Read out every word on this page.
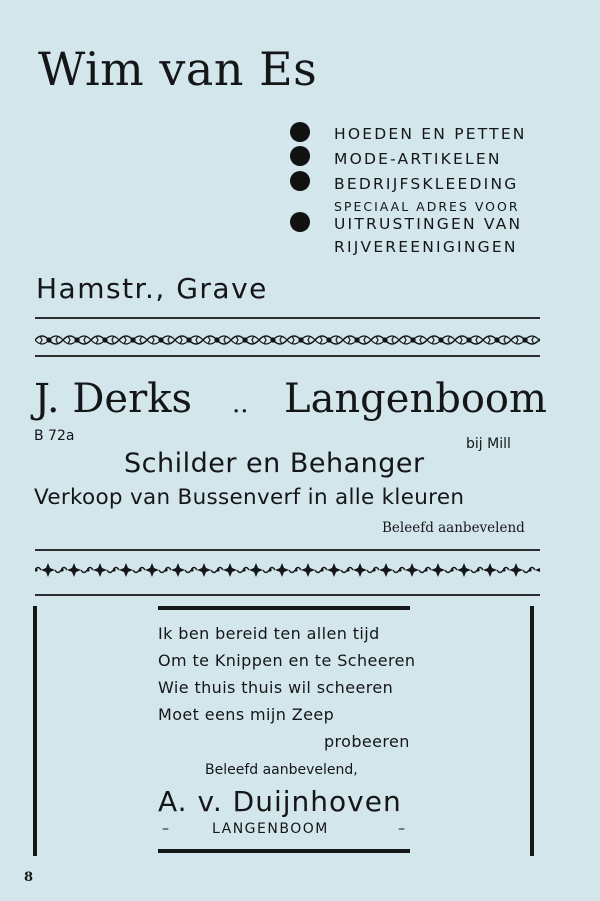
Wim van Es
HOEDEN EN PETTEN
MODE-ARTIKELEN
BEDRIJFSKLEEDING
SPECIAAL ADRES VOOR
UITRUSTINGEN VAN
RIJVEREENIGINGEN
Hamstr., Grave
J. Derks .. Langenboom
B 72a	bij Mill
Schilder en Behanger
Verkoop van Bussenverf in alle kleuren
Beleefd aanbevelend
Ik ben bereid ten allen tijd
Om te Knippen en te Scheeren
Wie thuis thuis wil scheeren
Moet eens mijn Zeep
probeeren
Beleefd aanbevelend,
A. v. Duijnhoven
–	LANGENBOOM	–
8
